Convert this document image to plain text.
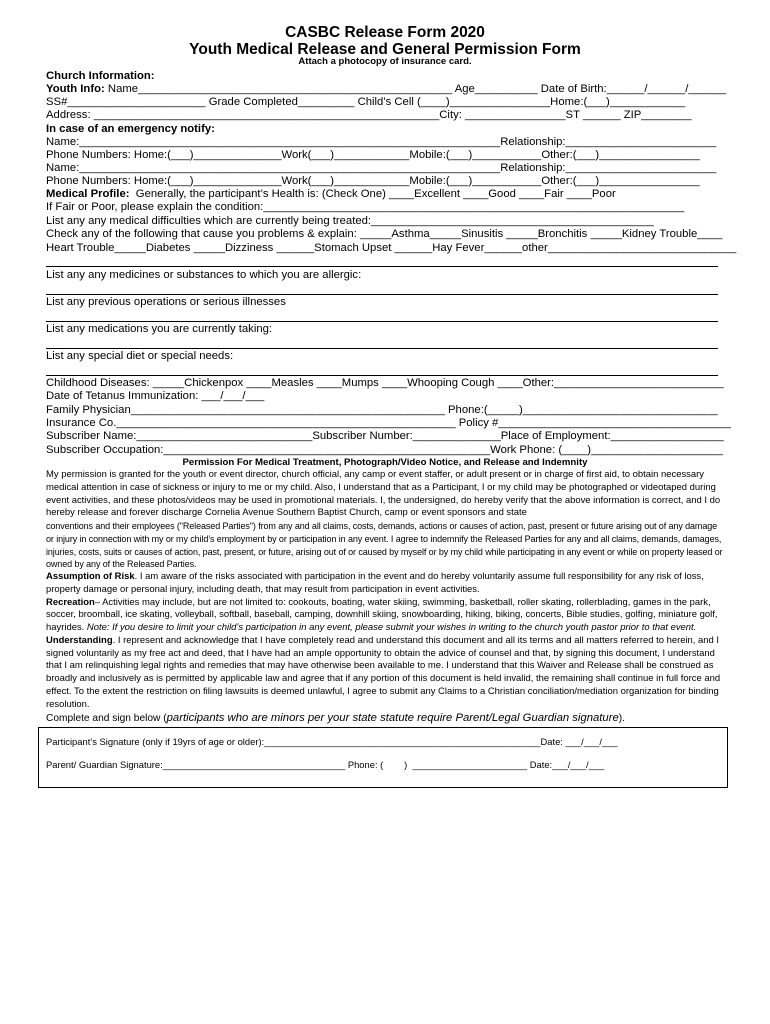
CASBC Release Form 2020
Youth Medical Release and General Permission Form
Attach a photocopy of insurance card.
Church Information:
Youth Info: Name__________________________________________________ Age__________ Date of Birth:______/______/______
SS#______________________ Grade Completed_________ Child’s Cell (____)________________Home:(___)____________
Address: _______________________________________________________City: ________________ST ______ ZIP________
In case of an emergency notify:
Name:___________________________________________________________________Relationship:________________________
Phone Numbers: Home:(___)______________Work(___)____________Mobile:(___)___________Other:(___)________________
Name:___________________________________________________________________Relationship:________________________
Phone Numbers: Home:(___)______________Work(___)____________Mobile:(___)___________Other:(___)________________
Medical Profile:  Generally, the participant’s Health is: (Check One) ____Excellent ____Good ____Fair ____Poor
If Fair or Poor, please explain the condition:___________________________________________________________________
List any any medical difficulties which are currently being treated:_____________________________________________
Check any of the following that cause you problems & explain: _____Asthma_____Sinusitis _____Bronchitis _____Kidney Trouble____
Heart Trouble_____Diabetes _____Dizziness ______Stomach Upset ______Hay Fever______other______________________________
List any any medicines or substances to which you are allergic:
List any previous operations or serious illnesses
List any medications you are currently taking:
List any special diet or special needs:
Childhood Diseases: _____Chickenpox ____Measles ____Mumps ____Whooping Cough ____Other:___________________________
Date of Tetanus Immunization: ___/___/___
Family Physician__________________________________________________ Phone:(_____)_______________________________
Insurance Co.______________________________________________________ Policy #_____________________________________
Subscriber Name:____________________________Subscriber Number:______________Place of Employment:__________________
Subscriber Occupation:____________________________________________________Work Phone: (____)_____________________
Permission For Medical Treatment, Photograph/Video Notice, and Release and Indemnity

My permission is granted for the youth or event director, church official, any camp or event staffer, or adult present or in charge of first aid, to obtain necessary medical attention in case of sickness or injury to me or my child. Also, I understand that as a Participant, I or my child may be photographed or videotaped during event activities, and these photos/videos may be used in promotional materials. I, the undersigned, do hereby verify that the above information is correct, and I do hereby release and forever discharge Cornelia Avenue Southern Baptist Church, camp or event sponsors and state

conventions and their employees ("Released Parties") from any and all claims, costs, demands, actions or causes of action, past, present or future arising out of any damage or injury in connection with my or my child’s employment by or participation in any event. I agree to indemnify the Released Parties for any and all claims, demands, damages, injuries, costs, suits or causes of action, past, present, or future, arising out of or caused by myself or by my child while participating in any event or while on property leased or owned by any of the Released Parties.

Assumption of Risk. I am aware of the risks associated with participation in the event and do hereby voluntarily assume full responsibility for any risk of loss, property damage or personal injury, including death, that may result from participation in event activities.

Recreation– Activities may include, but are not limited to: cookouts, boating, water skiing, swimming, basketball, roller skating, rollerblading, games in the park, soccer, broomball, ice skating, volleyball, softball, baseball, camping, downhill skiing, snowboarding, hiking, biking, concerts, Bible studies, golfing, miniature golf, hayrides. Note: If you desire to limit your child’s participation in any event, please submit your wishes in writing to the church youth pastor prior to that event.

Understanding. I represent and acknowledge that I have completely read and understand this document and all its terms and all matters referred to herein, and I signed voluntarily as my free act and deed, that I have had an ample opportunity to obtain the advice of counsel and that, by signing this document, I understand that I am relinquishing legal rights and remedies that may have otherwise been available to me. I understand that this Waiver and Release shall be construed as broadly and inclusively as is permitted by applicable law and agree that if any portion of this document is held invalid, the remaining shall continue in full force and effect. To the extent the restriction on filing lawsuits is deemed unlawful, I agree to submit any Claims to a Christian conciliation/mediation organization for binding resolution.

Complete and sign below (participants who are minors per your state statute require Parent/Legal Guardian signature).

Participant’s Signature (only if 19yrs of age or older):_____________________________________________________Date: ___/___/___
Parent/ Guardian Signature:___________________________________ Phone: (        )  ______________________ Date:___/___/___
